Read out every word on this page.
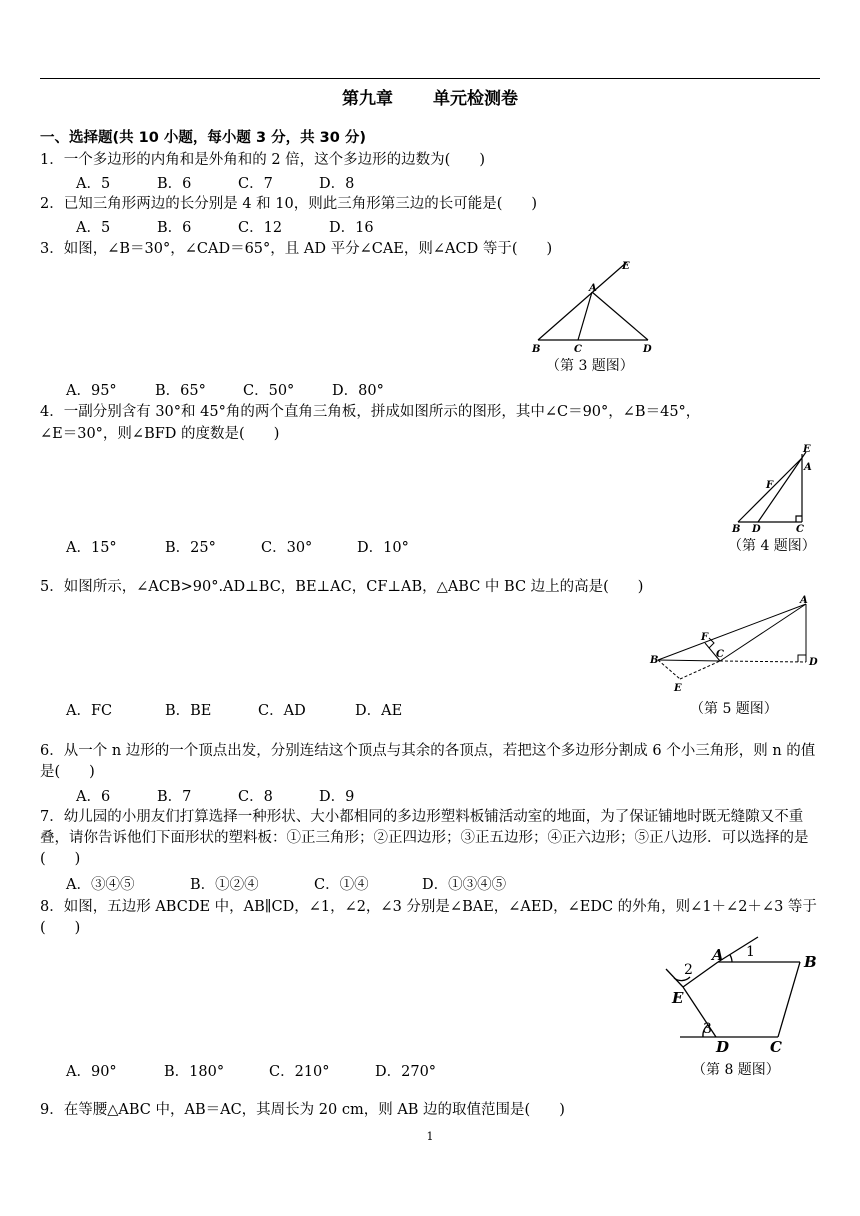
第九章 单元检测卷
一、选择题(共 10 小题，每小题 3 分，共 30 分)
1．一个多边形的内角和是外角和的 2 倍，这个多边形的边数为(　　)
A．5	B．6	C．7	D．8
2．已知三角形两边的长分别是 4 和 10，则此三角形第三边的长可能是(　　)
A．5	B．6	C．12	D．16
3．如图，∠B＝30°，∠CAD＝65°，且 AD 平分∠CAE，则∠ACD 等于(　　)
E
A
B	C	D
（第 3 题图）
A．95°	B．65°	C．50°	D．80°
4．一副分别含有 30°和 45°角的两个直角三角板，拼成如图所示的图形，其中∠C＝90°，∠B＝45°，
∠E＝30°，则∠BFD 的度数是(　　)
E
A
F
B D	C
A．15°	B．25°	C．30°	D．10°	（第 4 题图）
5．如图所示，∠ACB>90°.AD⊥BC，BE⊥AC，CF⊥AB，△ABC 中 BC 边上的高是(　　)
A
F
B
C
D
E
A．FC	B．BE	C．AD	D．AE	（第 5 题图）
6．从一个 n 边形的一个顶点出发，分别连结这个顶点与其余的各顶点，若把这个多边形分割成 6 个小三角形，则 n 的值是(　　)
A．6	B．7	C．8	D．9
7．幼儿园的小朋友们打算选择一种形状、大小都相同的多边形塑料板铺活动室的地面，为了保证铺地时既无缝隙又不重叠，请你告诉他们下面形状的塑料板：①正三角形；②正四边形；③正五边形；④正六边形；⑤正八边形．可以选择的是(　　)
A．③④⑤	B．①②④	C．①④	D．①③④⑤
8．如图，五边形 ABCDE 中，AB∥CD，∠1，∠2，∠3 分别是∠BAE，∠AED，∠EDC 的外角，则∠1＋∠2＋∠3 等于(　　)
A	B
E
D	C
1
2
3
A．90°	B．180°	C．210°	D．270°	（第 8 题图）
9．在等腰△ABC 中，AB＝AC，其周长为 20 cm，则 AB 边的取值范围是(　　)
1
